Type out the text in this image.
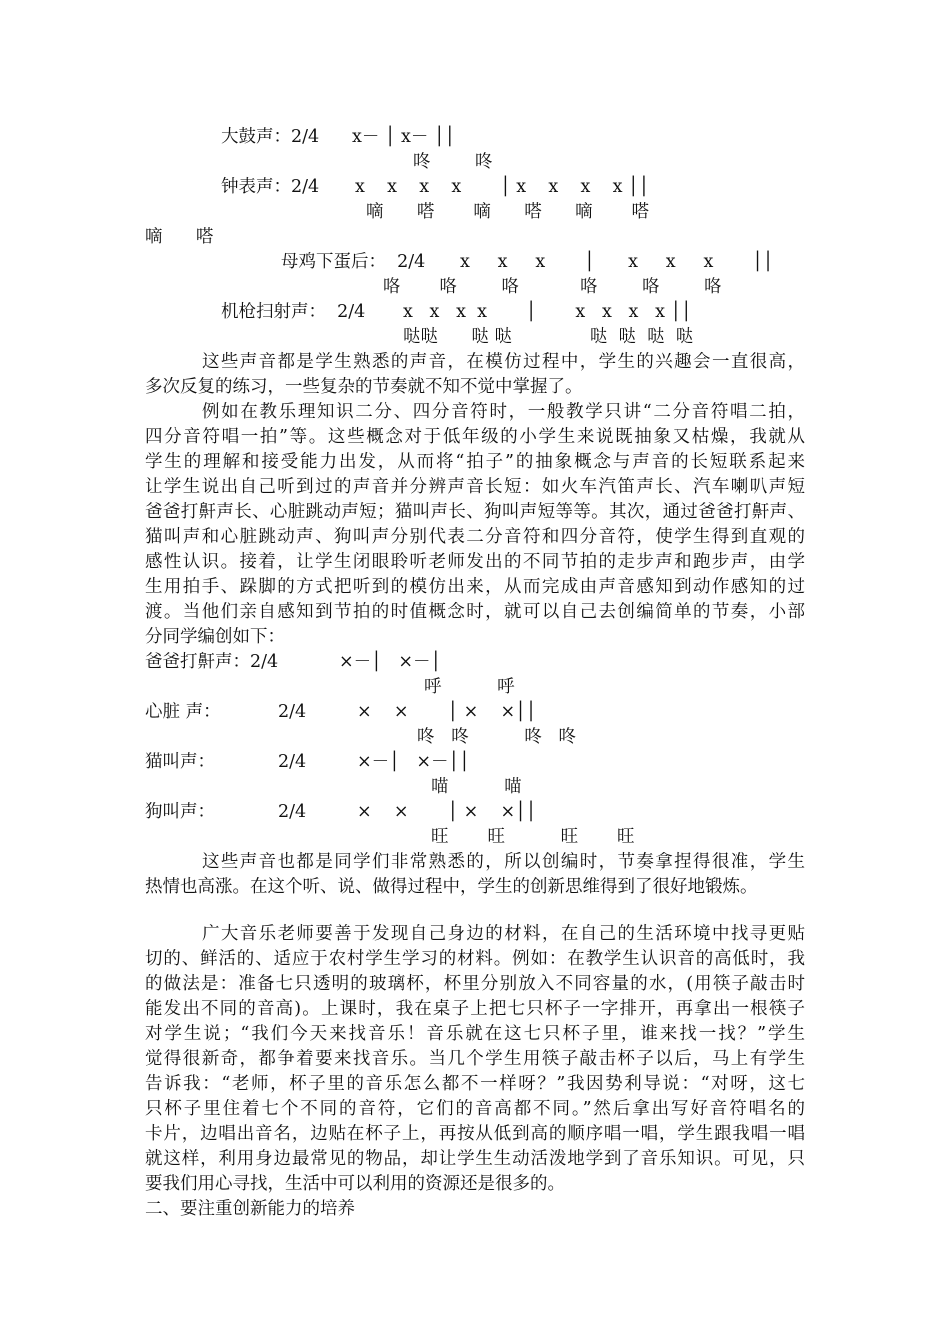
大鼓声：2/4 x－ │ x－ ││
咚        咚
钟表声：2/4 x    x    x    x       │ x    x    x    x ││
嘀      嗒       嘀      嗒      嘀       嗒
嘀      嗒
母鸡下蛋后：  2/4 x     x     x       │      x     x     x       ││
咯       咯        咯           咯        咯        咯
机枪扫射声：  2/4 x   x   x  x       │       x   x   x   x ││
哒哒      哒 哒              哒  哒  哒  哒
这些声音都是学生熟悉的声音，在模仿过程中，学生的兴趣会一直很高，
多次反复的练习，一些复杂的节奏就不知不觉中掌握了。
例如在教乐理知识二分、四分音符时，一般教学只讲“二分音符唱二拍，
四分音符唱一拍”等。这些概念对于低年级的小学生来说既抽象又枯燥，我就从
学生的理解和接受能力出发，从而将“拍子”的抽象概念与声音的长短联系起来
让学生说出自己听到过的声音并分辨声音长短：如火车汽笛声长、汽车喇叭声短
爸爸打鼾声长、心脏跳动声短；猫叫声长、狗叫声短等等。其次，通过爸爸打鼾声、
猫叫声和心脏跳动声、狗叫声分别代表二分音符和四分音符，使学生得到直观的
感性认识。接着，让学生闭眼聆听老师发出的不同节拍的走步声和跑步声，由学
生用拍手、跺脚的方式把听到的模仿出来，从而完成由声音感知到动作感知的过
渡。当他们亲自感知到节拍的时值概念时，就可以自己去创编简单的节奏，小部
分同学编创如下：
爸爸打鼾声：2/4	×－│   ×－│
呼          呼
心脏 声：	2/4	×    ×       │ ×    ×││
咚   咚          咚   咚
猫叫声：	2/4	×－│   ×－││
喵          喵
狗叫声：	2/4	×    ×       │ ×    ×││
旺       旺          旺       旺
这些声音也都是同学们非常熟悉的，所以创编时，节奏拿捏得很准，学生
热情也高涨。在这个听、说、做得过程中，学生的创新思维得到了很好地锻炼。
广大音乐老师要善于发现自己身边的材料，在自己的生活环境中找寻更贴
切的、鲜活的、适应于农村学生学习的材料。例如：在教学生认识音的高低时，我
的做法是：准备七只透明的玻璃杯，杯里分别放入不同容量的水，(用筷子敲击时
能发出不同的音高)。上课时，我在桌子上把七只杯子一字排开，再拿出一根筷子
对学生说；“我们今天来找音乐！音乐就在这七只杯子里，谁来找一找？”学生
觉得很新奇，都争着要来找音乐。当几个学生用筷子敲击杯子以后，马上有学生
告诉我：“老师，杯子里的音乐怎么都不一样呀？”我因势利导说：“对呀，这七
只杯子里住着七个不同的音符，它们的音高都不同。”然后拿出写好音符唱名的
卡片，边唱出音名，边贴在杯子上，再按从低到高的顺序唱一唱，学生跟我唱一唱
就这样，利用身边最常见的物品，却让学生生动活泼地学到了音乐知识。可见，只
要我们用心寻找，生活中可以利用的资源还是很多的。
二、要注重创新能力的培养
